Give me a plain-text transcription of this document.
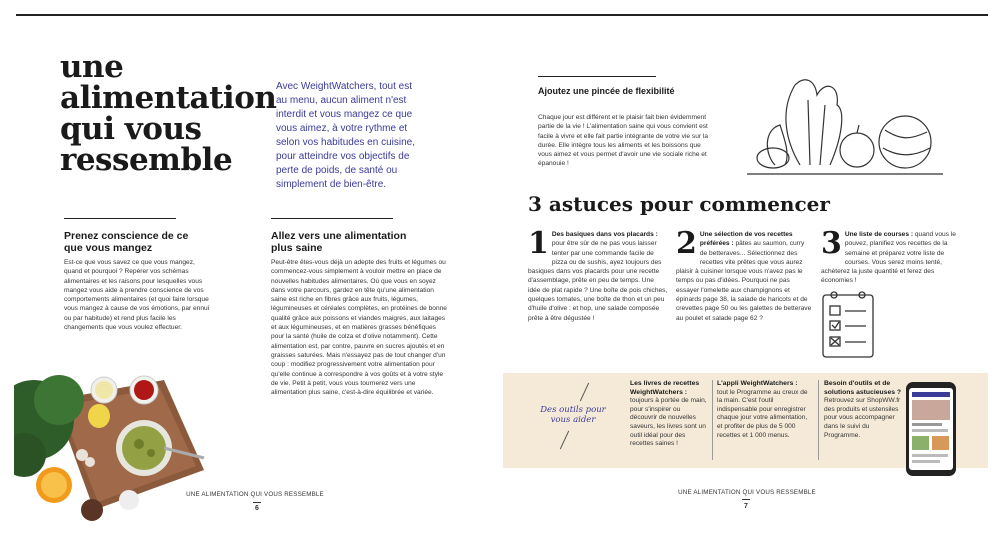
une alimentation qui vous ressemble
Avec WeightWatchers, tout est au menu, aucun aliment n'est interdit et vous mangez ce que vous aimez, à votre rythme et selon vos habitudes en cuisine, pour atteindre vos objectifs de perte de poids, de santé ou simplement de bien-être.
Prenez conscience de ce que vous mangez
Est-ce que vous savez ce que vous mangez, quand et pourquoi ? Repérer vos schémas alimentaires et les raisons pour lesquelles vous mangez vous aide à prendre conscience de vos comportements alimentaires (et quoi faire lorsque vous mangez à cause de vos émotions, par ennui ou par habitude) et rend plus facile les changements que vous voulez effectuer.
Allez vers une alimentation plus saine
Peut-être êtes-vous déjà un adepte des fruits et légumes ou commencez-vous simplement à vouloir mettre en place de nouvelles habitudes alimentaires. Où que vous en soyez dans votre parcours, gardez en tête qu'une alimentation saine est riche en fibres grâce aux fruits, légumes, légumineuses et céréales complètes, en protéines de bonne qualité grâce aux poissons et viandes maigres, aux laitages et aux légumineuses, et en matières grasses bénéfiques pour la santé (huile de colza et d'olive notamment). Cette alimentation est, par contre, pauvre en sucres ajoutés et en graisses saturées. Mais n'essayez pas de tout changer d'un coup : modifiez progressivement votre alimentation pour qu'elle continue à correspondre à vos goûts et à votre style de vie. Petit à petit, vous vous tournerez vers une alimentation plus saine, c'est-à-dire équilibrée et variée.
UNE ALIMENTATION QUI VOUS RESSEMBLE
6
Ajoutez une pincée de flexibilité
Chaque jour est différent et le plaisir fait bien évidemment partie de la vie ! L'alimentation saine qui vous convient est facile à vivre et elle fait partie intégrante de votre vie sur la durée. Elle intègre tous les aliments et les boissons que vous aimez et vous permet d'avoir une vie sociale riche et épanouie !
3 astuces pour commencer
1 Des basiques dans vos placards : pour être sûr de ne pas vous laisser tenter par une commande facile de pizza ou de sushis, ayez toujours des basiques dans vos placards pour une recette d'assemblage, prête en peu de temps. Une idée de plat rapide ? Une boîte de pois chiches, quelques tomates, une boîte de thon et un peu d'huile d'olive : et hop, une salade composée prête à être dégustée !
2 Une sélection de vos recettes préférées : pâtes au saumon, curry de betteraves... Sélectionnez des recettes vite prêtes que vous aurez plaisir à cuisiner lorsque vous n'avez pas le temps ou pas d'idées. Pourquoi ne pas essayer l'omelette aux champignons et épinards page 38, la salade de haricots et de crevettes page 50 ou les galettes de betterave au poulet et salade page 62 ?
3 Une liste de courses : quand vous le pouvez, planifiez vos recettes de la semaine et préparez votre liste de courses. Vous serez moins tenté, achèterez la juste quantité et ferez des économies !
Des outils pour vous aider
Les livres de recettes WeightWatchers :
toujours à portée de main, pour s'inspirer ou découvrir de nouvelles saveurs, les livres sont un outil idéal pour des recettes saines !
L'appli WeightWatchers :
tout le Programme au creux de la main. C'est l'outil indispensable pour enregistrer chaque jour votre alimentation, et profiter de plus de 5 000 recettes et 1 000 menus.
Besoin d'outils et de solutions astucieuses ?
Retrouvez sur ShopWW.fr des produits et ustensiles pour vous accompagner dans le suivi du Programme.
UNE ALIMENTATION QUI VOUS RESSEMBLE
7
